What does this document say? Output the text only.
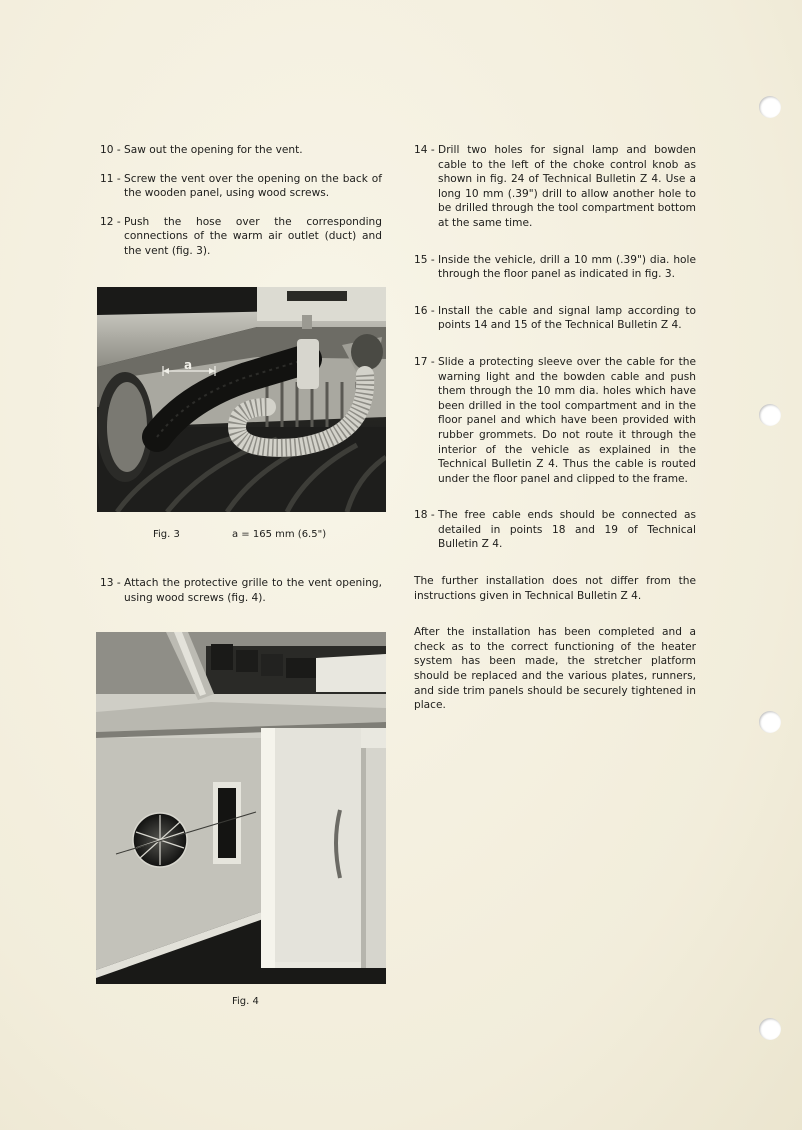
10 - Saw out the opening for the vent.
11 - Screw the vent over the opening on the back of the wooden panel, using wood screws.
12 - Push the hose over the corresponding connections of the warm air outlet (duct) and the vent (fig. 3).
a
Fig. 3	a = 165 mm (6.5")
13 - Attach the protective grille to the vent opening, using wood screws (fig. 4).
Fig. 4
14 - Drill two holes for signal lamp and bowden cable to the left of the choke control knob as shown in fig. 24 of Technical Bulletin Z 4. Use a long 10 mm (.39") drill to allow another hole to be drilled through the tool compartment bottom at the same time.
15 - Inside the vehicle, drill a 10 mm (.39") dia. hole through the floor panel as indicated in fig. 3.
16 - Install the cable and signal lamp according to points 14 and 15 of the Technical Bulletin Z 4.
17 - Slide a protecting sleeve over the cable for the warning light and the bowden cable and push them through the 10 mm dia. holes which have been drilled in the tool compartment and in the floor panel and which have been provided with rubber grommets. Do not route it through the interior of the vehicle as explained in the Technical Bulletin Z 4. Thus the cable is routed under the floor panel and clipped to the frame.
18 - The free cable ends should be connected as detailed in points 18 and 19 of Technical Bulletin Z 4.

The further installation does not differ from the instructions given in Technical Bulletin Z 4.

After the installation has been completed and a check as to the correct functioning of the heater system has been made, the stretcher platform should be replaced and the various plates, runners, and side trim panels should be securely tightened in place.
